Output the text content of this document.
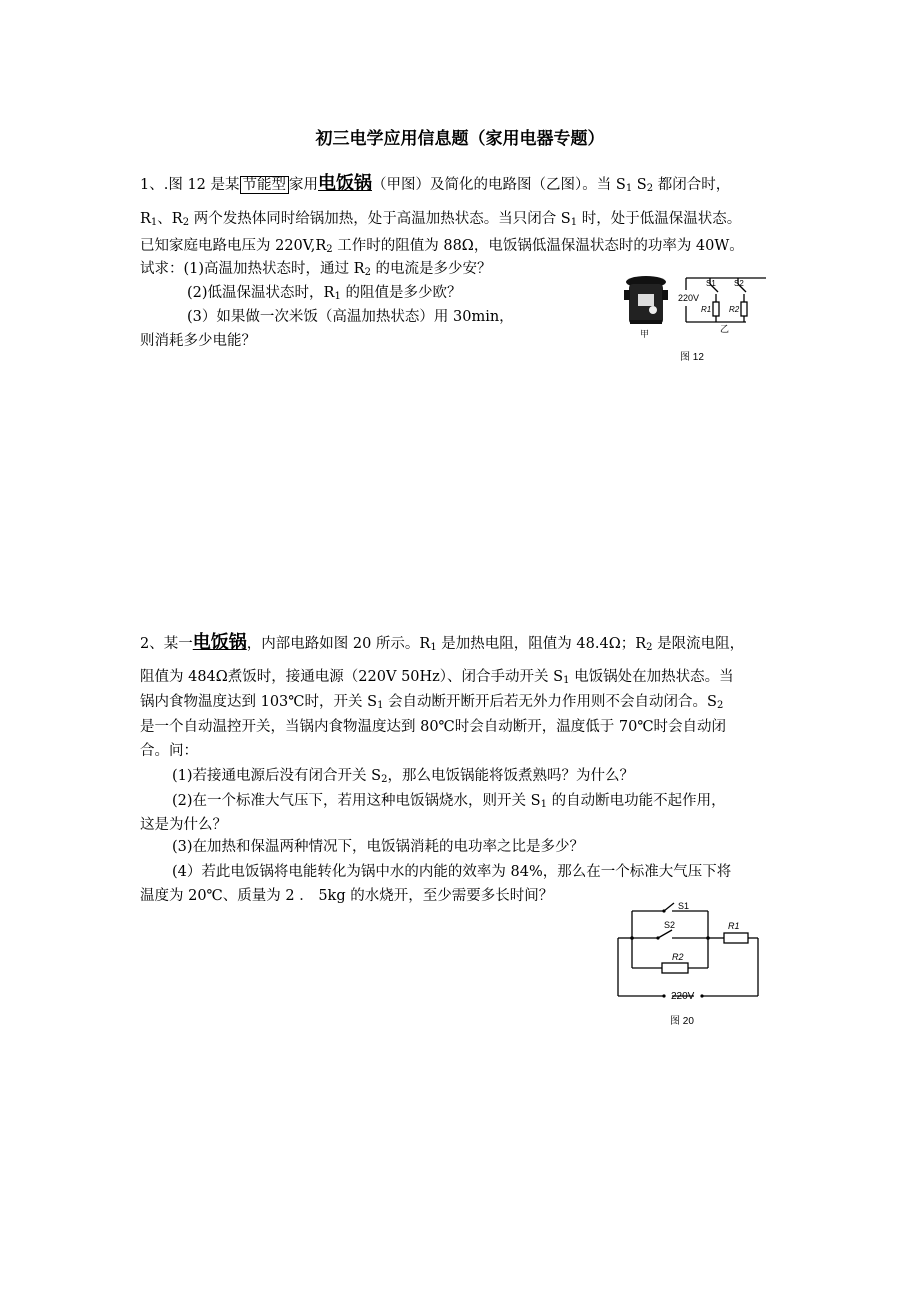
初三电学应用信息题（家用电器专题）
1、.图 12 是某 节能型 家用电饭锅（甲图）及简化的电路图（乙图）。当 $S_1$ $S_2$ 都闭合时，
$R_1$、$R_2$ 两个发热体同时给锅加热，处于高温加热状态。当只闭合 $S_1$ 时，处于低温保温状态。
已知家庭电路电压为 $220V,R_2$ 工作时的阻值为 88Ω，电饭锅低温保温状态时的功率为 40W。
试求：(1)高温加热状态时，通过 $R_2$ 的电流是多少安？
(2)低温保温状态时，$R_1$ 的阻值是多少欧？
(3）如果做一次米饭（高温加热状态）用 30min，
则消耗多少电能？	甲
220V
S1 S2
R1 R2
乙
图 12
2、某一电饭锅，内部电路如图 20 所示。$R_1$ 是加热电阻，阻值为 48.4Ω；$R_2$ 是限流电阻，
阻值为 484Ω煮饭时，接通电源（220V 50Hz）、闭合手动开关 $S_1$ 电饭锅处在加热状态。当
锅内食物温度达到 103℃时，开关 $S_1$ 会自动断开断开后若无外力作用则不会自动闭合。$S_2$
是一个自动温控开关，当锅内食物温度达到 80℃时会自动断开，温度低于 70℃时会自动闭
合。问：
(1)若接通电源后没有闭合开关 $S_2$，那么电饭锅能将饭煮熟吗？为什么？
(2)在一个标准大气压下，若用这种电饭锅烧水，则开关 $S_1$ 的自动断电功能不起作用，
这是为什么？
(3)在加热和保温两种情况下，电饭锅消耗的电功率之比是多少？
(4）若此电饭锅将电能转化为锅中水的内能的效率为 84%，那么在一个标准大气压下将
温度为 20℃、质量为 2 ． 5kg 的水烧开，至少需要多长时间？
S1
S2
R2
R1
220V
图 20
